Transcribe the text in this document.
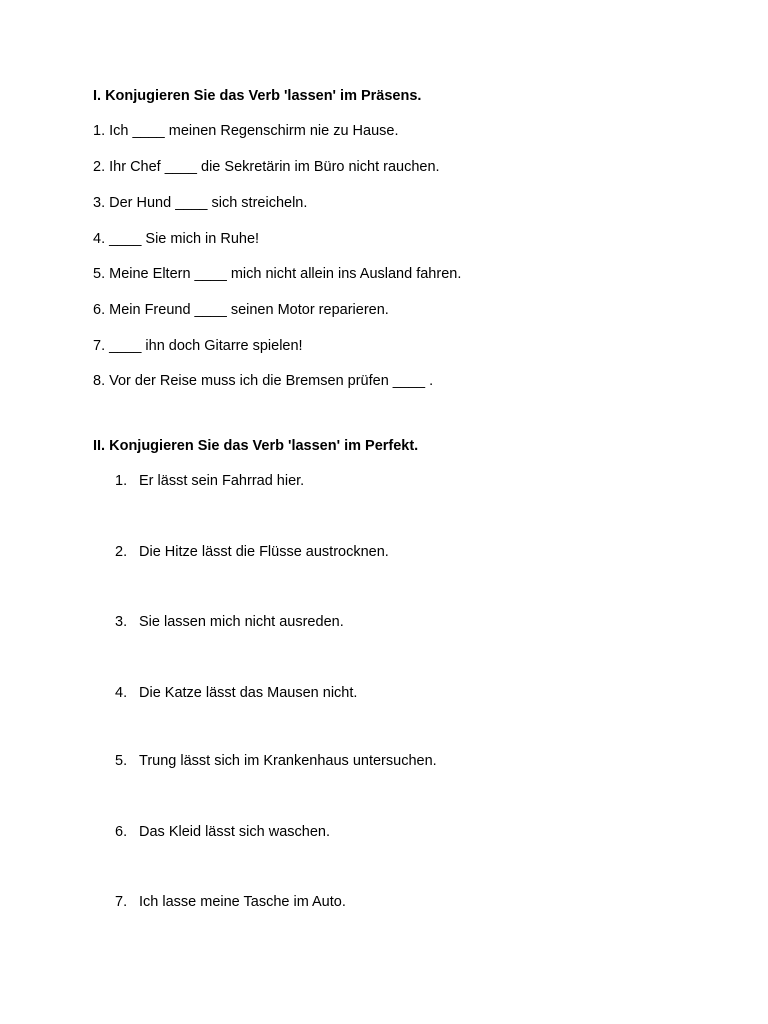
I. Konjugieren Sie das Verb 'lassen' im Präsens.
1. Ich ____ meinen Regenschirm nie zu Hause.
2. Ihr Chef ____ die Sekretärin im Büro nicht rauchen.
3. Der Hund ____ sich streicheln.
4. ____ Sie mich in Ruhe!
5. Meine Eltern ____ mich nicht allein ins Ausland fahren.
6. Mein Freund ____ seinen Motor reparieren.
7. ____ ihn doch Gitarre spielen!
8. Vor der Reise muss ich die Bremsen prüfen ____ .
II. Konjugieren Sie das Verb 'lassen' im Perfekt.
1. Er lässt sein Fahrrad hier.
2. Die Hitze lässt die Flüsse austrocknen.
3. Sie lassen mich nicht ausreden.
4. Die Katze lässt das Mausen nicht.
5. Trung lässt sich im Krankenhaus untersuchen.
6. Das Kleid lässt sich waschen.
7. Ich lasse meine Tasche im Auto.
